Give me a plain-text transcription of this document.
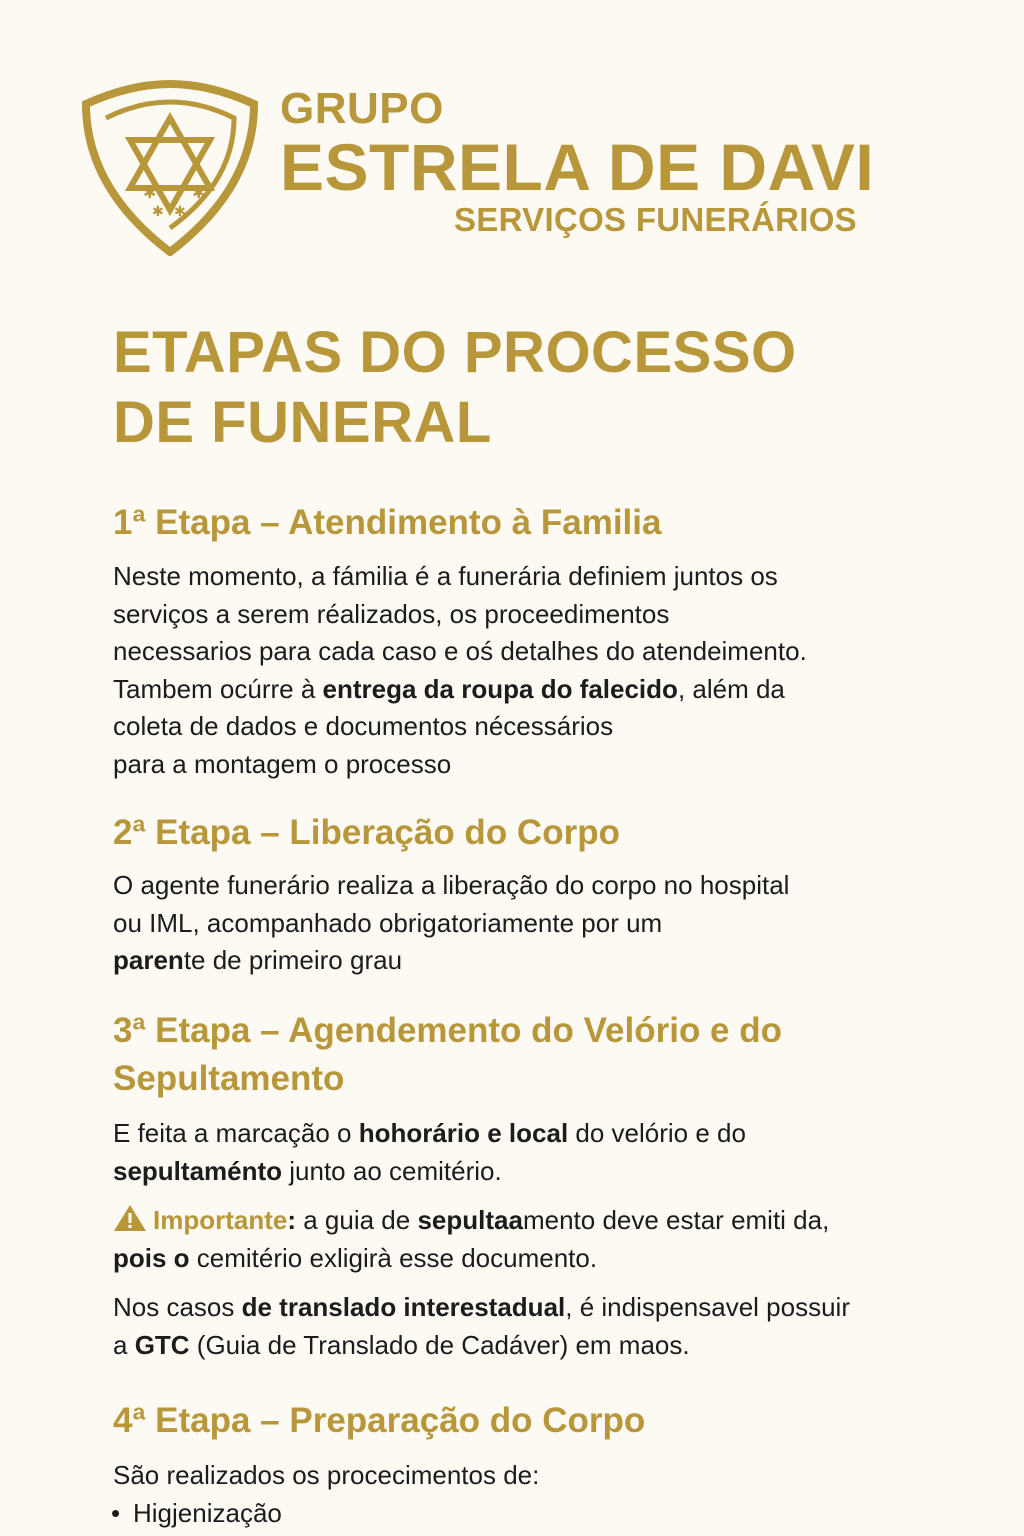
✱ ✱
✱ ✱
GRUPO
ESTRELA DE DAVI
SERVIÇOS FUNERÁRIOS
ETAPAS DO PROCESSO
DE FUNERAL
1ª Etapa – Atendimento à Familia

Neste momento, a fámilia é a funerária definiem juntos os
serviços a serem réalizados, os proceedimentos
necessarios para cada caso e oś detalhes do atendeimento.
Tambem ocúrre à entrega da roupa do falecido, além da
coleta de dados e documentos nécessários
para a montagem o processo

2ª Etapa – Liberação do Corpo

O agente funerário realiza a liberação do corpo no hospital
ou IML, acompanhado obrigatoriamente por um
parente de primeiro grau

3ª Etapa – Agendemento do Velório e do
Sepultamento

E feita a marcação o hohorário e local do velório e do
sepultaménto junto ao cemitério.

Importante: a guia de sepultaamento deve estar emiti da,
pois o cemitério exligirà esse documento.

Nos casos de translado interestadual, é indispensavel possuir
a GTC (Guia de Translado de Cadáver) em maos.

4ª Etapa – Preparação do Corpo

São realizados os procecimentos de:

• Higjenização
